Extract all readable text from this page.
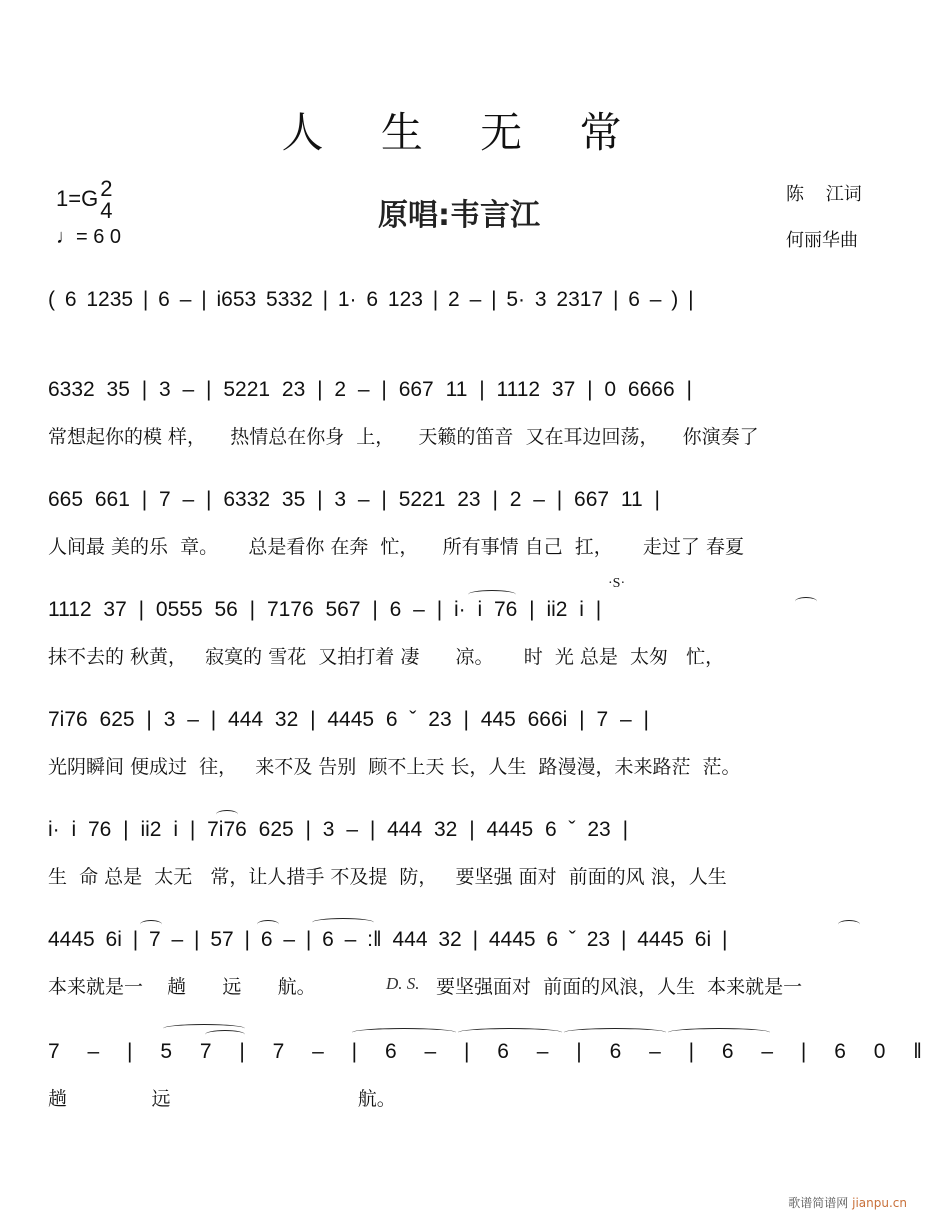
人 生 无 常
1=G2
4
♩= 6 0
原唱:韦言江
陈 江词
何丽华曲
( 6 1235 | 6 – | i653 5332 | 1· 6 123 | 2 – | 5· 3 2317 | 6 – ) |
6332 35 | 3 – | 5221 23 | 2 – | 667 11 | 1112 37 | 0 6666 |
常想起你的模 样，    热情总在你身  上，    天籁的笛音  又在耳边回荡，    你演奏了
665 661 | 7 – | 6332 35 | 3 – | 5221 23 | 2 – | 667 11 |
人间最 美的乐  章。     总是看你 在奔  忙，    所有事情 自己  扛，     走过了 春夏
·S·
1112 37 | 0555 56 | 7176 567 | 6 – | i· i 76 | ii2 i |
抹不去的 秋黄，   寂寞的 雪花  又拍打着 凄      凉。     时  光 总是  太匆   忙，
7i76 625 | 3 – | 444 32 | 4445 6 ˇ 23 | 445 666i | 7 – |
光阴瞬间 便成过  往，   来不及 告别  顾不上天 长，人生  路漫漫，未来路茫  茫。
i· i 76 | ii2 i | 7i76 625 | 3 – | 444 32 | 4445 6 ˇ 23 |
生  命 总是  太无   常，让人措手 不及提  防，   要坚强 面对  前面的风 浪，人生
4445 6i | 7 – | 57 | 6 – | 6 – :‖ 444 32 | 4445 6 ˇ 23 | 4445 6i |
本来就是一    趟      远      航。	D. S. 要坚强面对  前面的风浪，人生  本来就是一
7 – | 5 7 | 7 – | 6 – | 6 – | 6 – | 6 – | 6 0 ‖
趟              远                               航。
歌谱简谱网 jianpu.cn
